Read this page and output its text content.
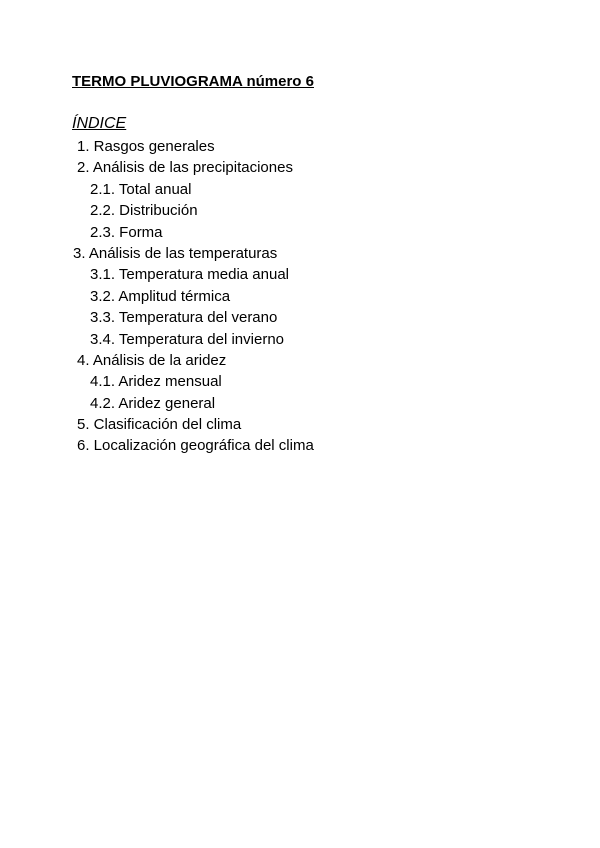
TERMO PLUVIOGRAMA número 6
ÍNDICE
1. Rasgos generales
2. Análisis de las precipitaciones
2.1. Total anual
2.2. Distribución
2.3. Forma
3. Análisis de las temperaturas
3.1. Temperatura media anual
3.2. Amplitud térmica
3.3. Temperatura del verano
3.4. Temperatura del invierno
4. Análisis de la aridez
4.1. Aridez mensual
4.2. Aridez general
5. Clasificación del clima
6. Localización geográfica del clima
